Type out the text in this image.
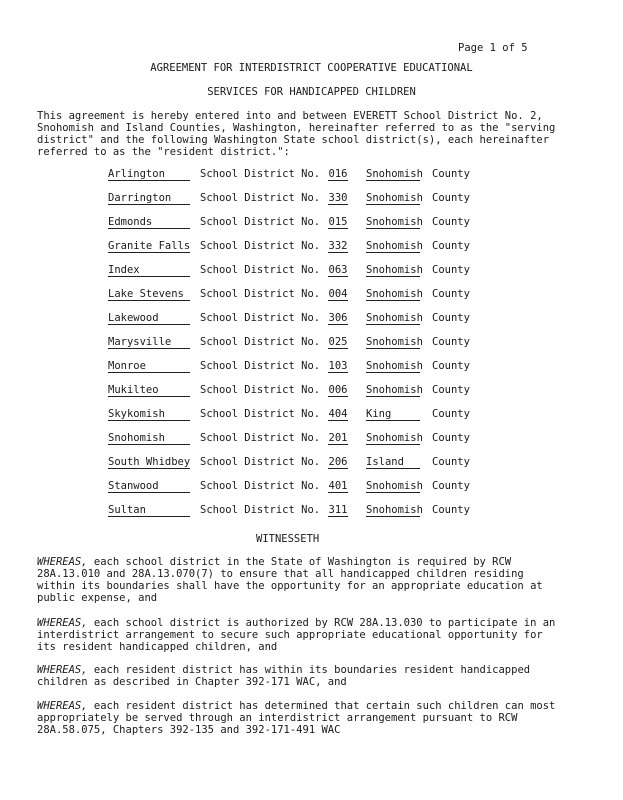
Page 1 of 5
AGREEMENT FOR INTERDISTRICT COOPERATIVE EDUCATIONAL
SERVICES FOR HANDICAPPED CHILDREN
This agreement is hereby entered into and between EVERETT School District No. 2,
Snohomish and Island Counties, Washington, hereinafter referred to as the "serving
district" and the following Washington State school district(s), each hereinafter
referred to as the "resident district.":
Arlington	School District No. 016 Snohomish County
Darrington	School District No. 330 Snohomish County
Edmonds	School District No. 015 Snohomish County
Granite Falls School District No. 332 Snohomish County
Index	School District No. 063 Snohomish County
Lake Stevens	School District No. 004 Snohomish County
Lakewood	School District No. 306 Snohomish County
Marysville	School District No. 025 Snohomish County
Monroe	School District No. 103 Snohomish County
Mukilteo	School District No. 006 Snohomish County
Skykomish	School District No. 404 King	County
Snohomish	School District No. 201 Snohomish County
South Whidbey School District No. 206 Island	County
Stanwood	School District No. 401 Snohomish County
Sultan	School District No. 311 Snohomish County
WITNESSETH
WHEREAS, each school district in the State of Washington is required by RCW
28A.13.010 and 28A.13.070(7) to ensure that all handicapped children residing
within its boundaries shall have the opportunity for an appropriate education at
public expense, and
WHEREAS, each school district is authorized by RCW 28A.13.030 to participate in an
interdistrict arrangement to secure such appropriate educational opportunity for
its resident handicapped children, and
WHEREAS, each resident district has within its boundaries resident handicapped
children as described in Chapter 392-171 WAC, and
WHEREAS, each resident district has determined that certain such children can most
appropriately be served through an interdistrict arrangement pursuant to RCW
28A.58.075, Chapters 392-135 and 392-171-491 WAC
